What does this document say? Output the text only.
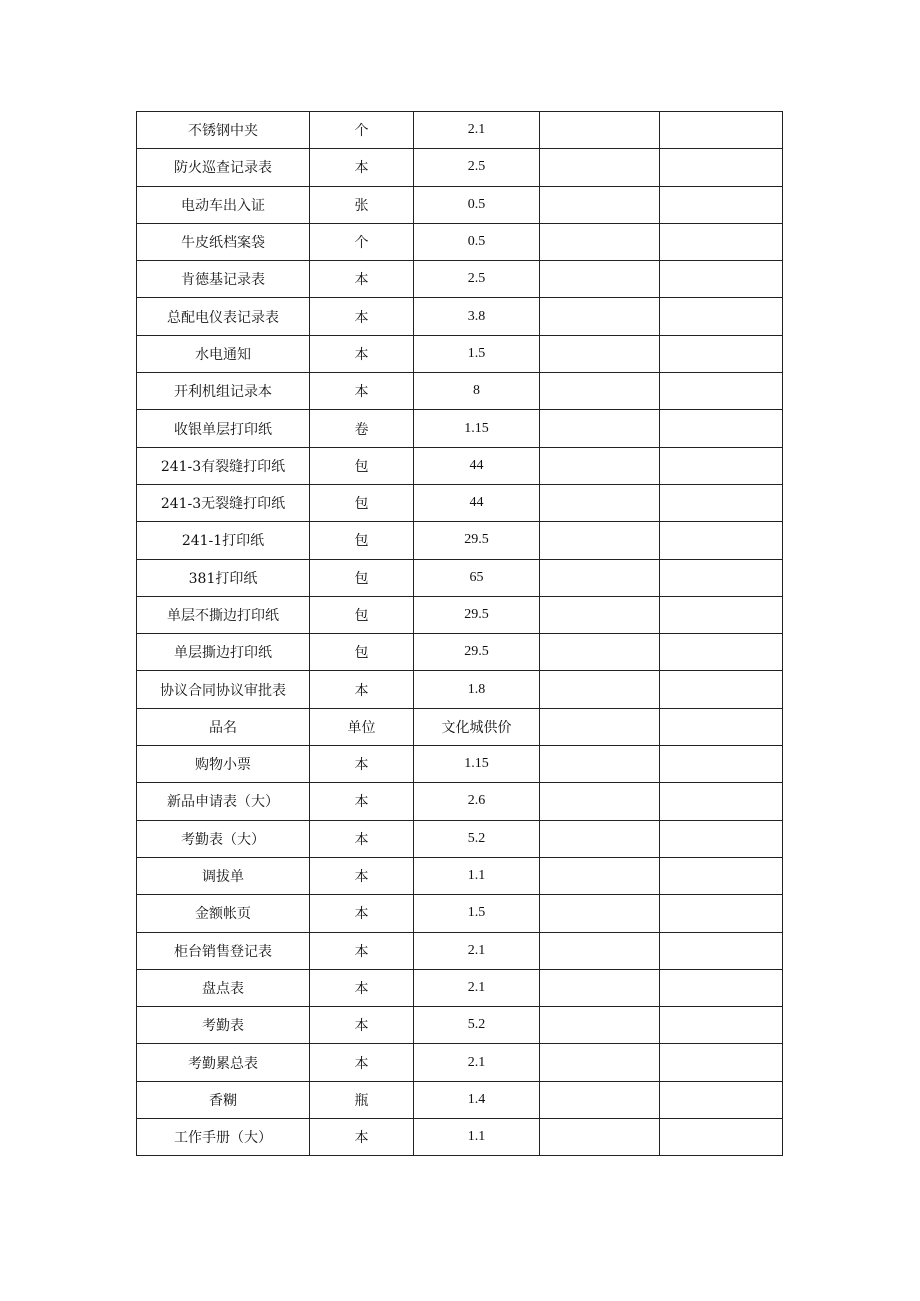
不锈钢中夹	个	2.1		
防火巡查记录表	本	2.5		
电动车出入证	张	0.5		
牛皮纸档案袋	个	0.5		
肯德基记录表	本	2.5		
总配电仪表记录表	本	3.8		
水电通知	本	1.5		
开利机组记录本	本	8		
收银单层打印纸	卷	1.15		
241-3有裂缝打印纸	包	44		
241-3无裂缝打印纸	包	44		
241-1打印纸	包	29.5		
381打印纸	包	65		
单层不撕边打印纸	包	29.5		
单层撕边打印纸	包	29.5		
协议合同协议审批表	本	1.8		
品名	单位	文化城供价		
购物小票	本	1.15		
新品申请表（大）	本	2.6		
考勤表（大）	本	5.2		
调拔单	本	1.1		
金额帐页	本	1.5		
柜台销售登记表	本	2.1		
盘点表	本	2.1		
考勤表	本	5.2		
考勤累总表	本	2.1		
香糊	瓶	1.4		
工作手册（大）	本	1.1		
